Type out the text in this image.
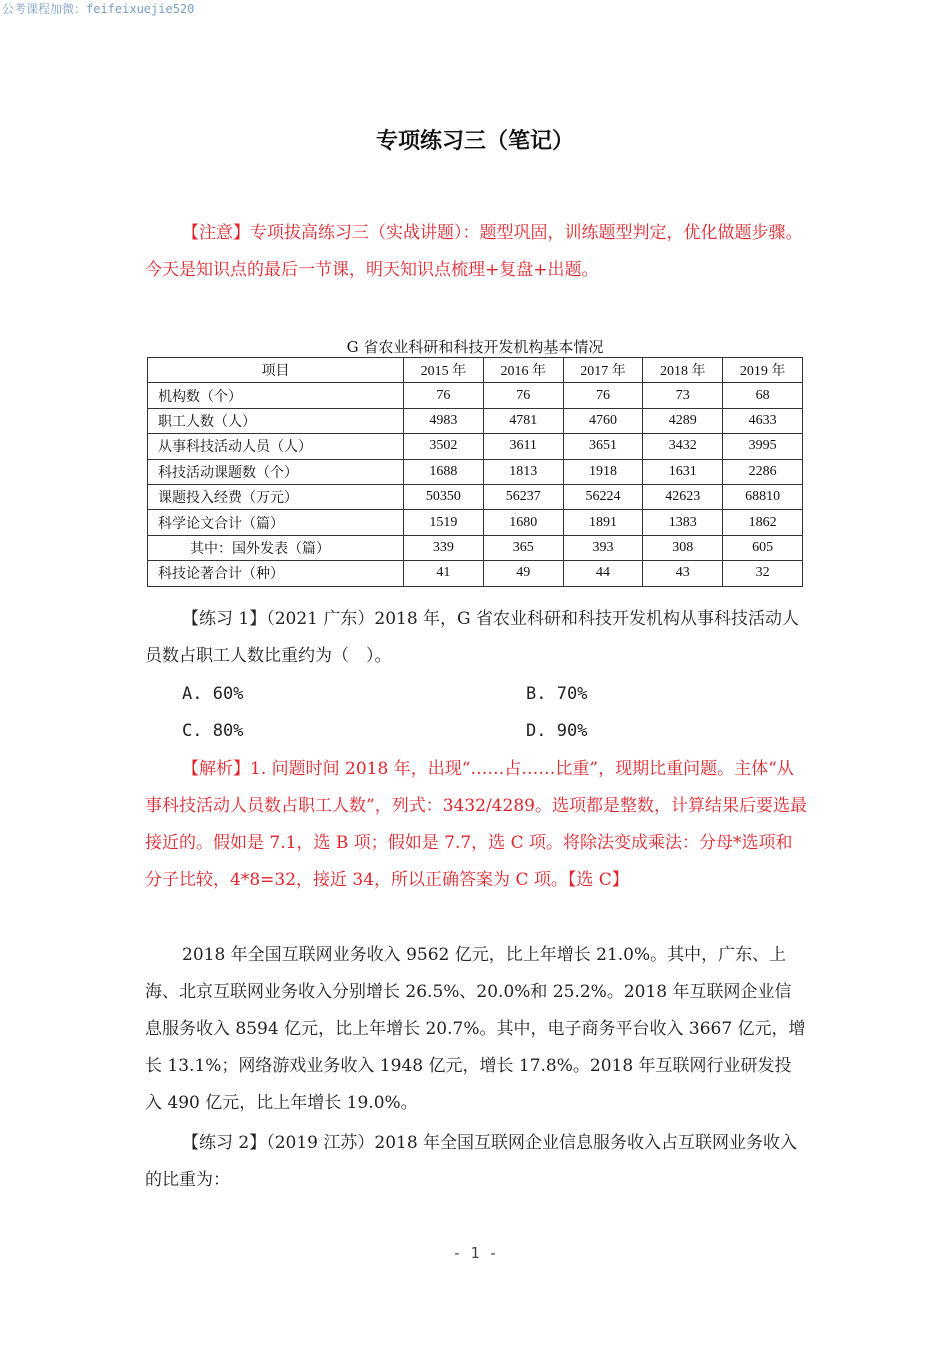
公考课程加微：feifeixuejie520
专项练习三（笔记）

【注意】专项拔高练习三（实战讲题）：题型巩固，训练题型判定，优化做题步骤。今天是知识点的最后一节课，明天知识点梳理+复盘+出题。

G 省农业科研和科技开发机构基本情况
项目	2015 年	2016 年	2017 年	2018 年	2019 年
机构数（个）	76	76	76	73	68
职工人数（人）	4983	4781	4760	4289	4633
从事科技活动人员（人）	3502	3611	3651	3432	3995
科技活动课题数（个）	1688	1813	1918	1631	2286
课题投入经费（万元）	50350	56237	56224	42623	68810
科学论文合计（篇）	1519	1680	1891	1383	1862
其中：国外发表（篇）	339	365	393	308	605
科技论著合计（种）	41	49	44	43	32

【练习 1】（2021 广东）2018 年，G 省农业科研和科技开发机构从事科技活动人员数占职工人数比重约为（　）。

A. 60%	B. 70%
C. 80%	D. 90%

【解析】1. 问题时间 2018 年，出现“……占……比重”，现期比重问题。主体“从事科技活动人员数占职工人数”，列式：3432/4289。选项都是整数，计算结果后要选最接近的。假如是 7.1，选 B 项；假如是 7.7，选 C 项。将除法变成乘法：分母*选项和分子比较，4*8=32，接近 34，所以正确答案为 C 项。【选 C】

2018 年全国互联网业务收入 9562 亿元，比上年增长 21.0%。其中，广东、上海、北京互联网业务收入分别增长 26.5%、20.0%和 25.2%。2018 年互联网企业信息服务收入 8594 亿元，比上年增长 20.7%。其中，电子商务平台收入 3667 亿元，增长 13.1%；网络游戏业务收入 1948 亿元，增长 17.8%。2018 年互联网行业研发投入 490 亿元，比上年增长 19.0%。

【练习 2】（2019 江苏）2018 年全国互联网企业信息服务收入占互联网业务收入的比重为：

- 1 -
